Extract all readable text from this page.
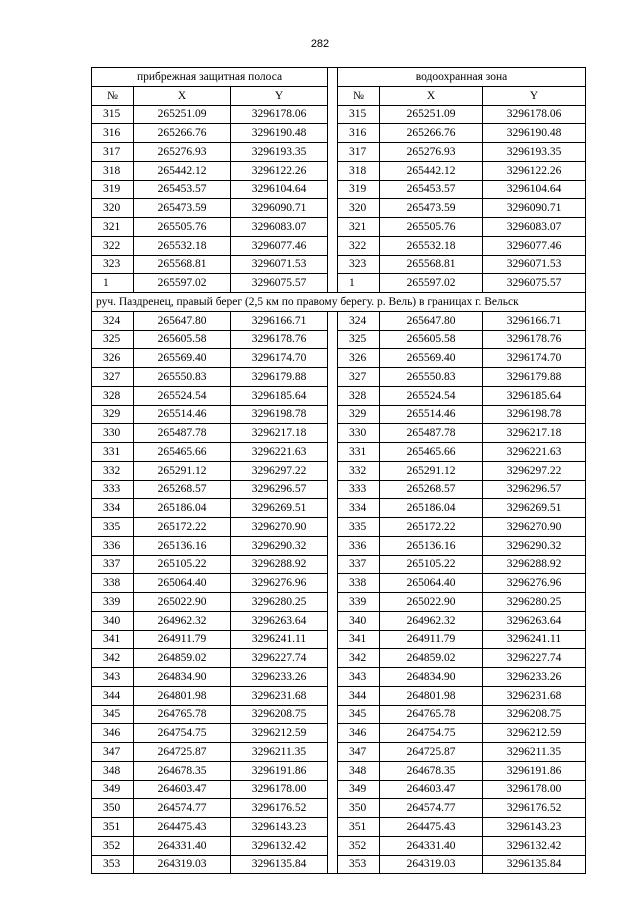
282
прибрежная защитная полоса				водоохранная зона		
№	X	Y		№	X	Y
315	265251.09	3296178.06		315	265251.09	3296178.06
316	265266.76	3296190.48		316	265266.76	3296190.48
317	265276.93	3296193.35		317	265276.93	3296193.35
318	265442.12	3296122.26		318	265442.12	3296122.26
319	265453.57	3296104.64		319	265453.57	3296104.64
320	265473.59	3296090.71		320	265473.59	3296090.71
321	265505.76	3296083.07		321	265505.76	3296083.07
322	265532.18	3296077.46		322	265532.18	3296077.46
323	265568.81	3296071.53		323	265568.81	3296071.53
1	265597.02	3296075.57		1	265597.02	3296075.57
руч. Паздренец, правый берег (2,5 км по правому берегу. р. Вель) в границах г. Вельск						
324	265647.80	3296166.71		324	265647.80	3296166.71
325	265605.58	3296178.76		325	265605.58	3296178.76
326	265569.40	3296174.70		326	265569.40	3296174.70
327	265550.83	3296179.88		327	265550.83	3296179.88
328	265524.54	3296185.64		328	265524.54	3296185.64
329	265514.46	3296198.78		329	265514.46	3296198.78
330	265487.78	3296217.18		330	265487.78	3296217.18
331	265465.66	3296221.63		331	265465.66	3296221.63
332	265291.12	3296297.22		332	265291.12	3296297.22
333	265268.57	3296296.57		333	265268.57	3296296.57
334	265186.04	3296269.51		334	265186.04	3296269.51
335	265172.22	3296270.90		335	265172.22	3296270.90
336	265136.16	3296290.32		336	265136.16	3296290.32
337	265105.22	3296288.92		337	265105.22	3296288.92
338	265064.40	3296276.96		338	265064.40	3296276.96
339	265022.90	3296280.25		339	265022.90	3296280.25
340	264962.32	3296263.64		340	264962.32	3296263.64
341	264911.79	3296241.11		341	264911.79	3296241.11
342	264859.02	3296227.74		342	264859.02	3296227.74
343	264834.90	3296233.26		343	264834.90	3296233.26
344	264801.98	3296231.68		344	264801.98	3296231.68
345	264765.78	3296208.75		345	264765.78	3296208.75
346	264754.75	3296212.59		346	264754.75	3296212.59
347	264725.87	3296211.35		347	264725.87	3296211.35
348	264678.35	3296191.86		348	264678.35	3296191.86
349	264603.47	3296178.00		349	264603.47	3296178.00
350	264574.77	3296176.52		350	264574.77	3296176.52
351	264475.43	3296143.23		351	264475.43	3296143.23
352	264331.40	3296132.42		352	264331.40	3296132.42
353	264319.03	3296135.84		353	264319.03	3296135.84
